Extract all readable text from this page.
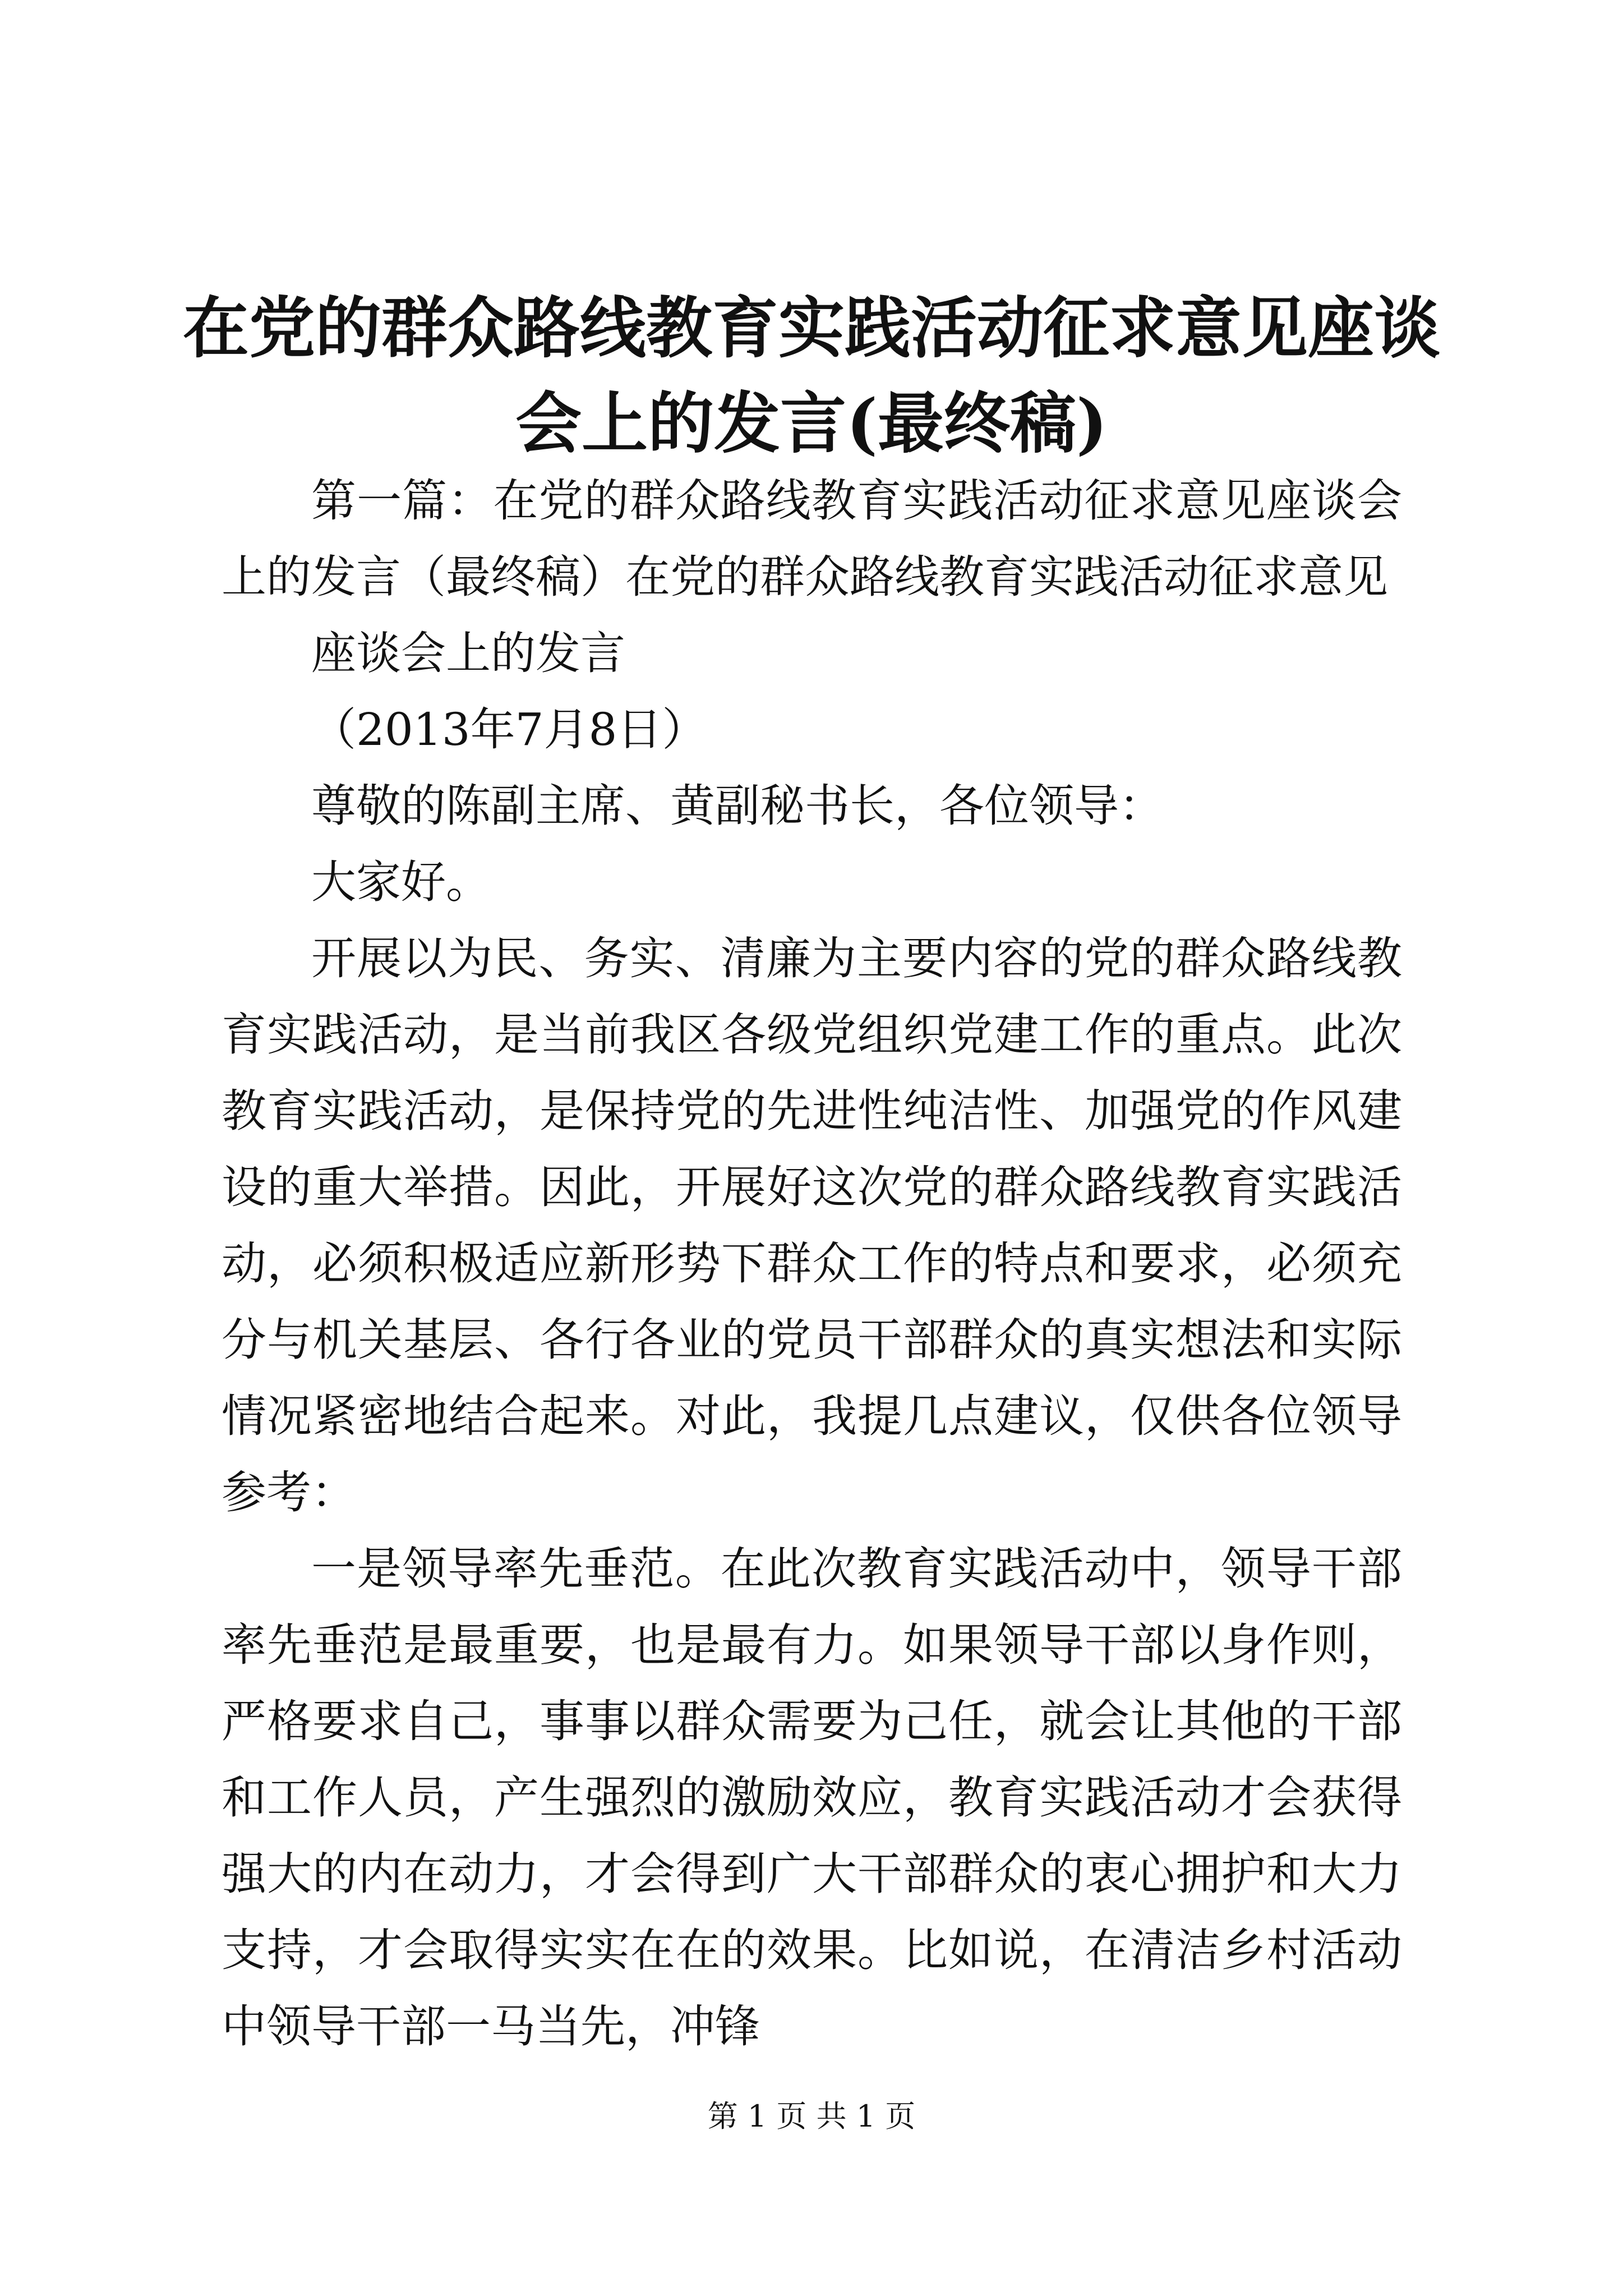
在党的群众路线教育实践活动征求意见座谈会上的发言(最终稿)

第一篇：在党的群众路线教育实践活动征求意见座谈会上的发言（最终稿）在党的群众路线教育实践活动征求意见

座谈会上的发言

（2013年7月8日）

尊敬的陈副主席、黄副秘书长，各位领导：

大家好。

开展以为民、务实、清廉为主要内容的党的群众路线教育实践活动，是当前我区各级党组织党建工作的重点。此次教育实践活动，是保持党的先进性纯洁性、加强党的作风建设的重大举措。因此，开展好这次党的群众路线教育实践活动，必须积极适应新形势下群众工作的特点和要求，必须充分与机关基层、各行各业的党员干部群众的真实想法和实际情况紧密地结合起来。对此，我提几点建议，仅供各位领导参考：

一是领导率先垂范。在此次教育实践活动中，领导干部率先垂范是最重要，也是最有力。如果领导干部以身作则，严格要求自己，事事以群众需要为己任，就会让其他的干部和工作人员，产生强烈的激励效应，教育实践活动才会获得强大的内在动力，才会得到广大干部群众的衷心拥护和大力支持，才会取得实实在在的效果。比如说，在清洁乡村活动中领导干部一马当先，冲锋

第 1 页 共 1 页
